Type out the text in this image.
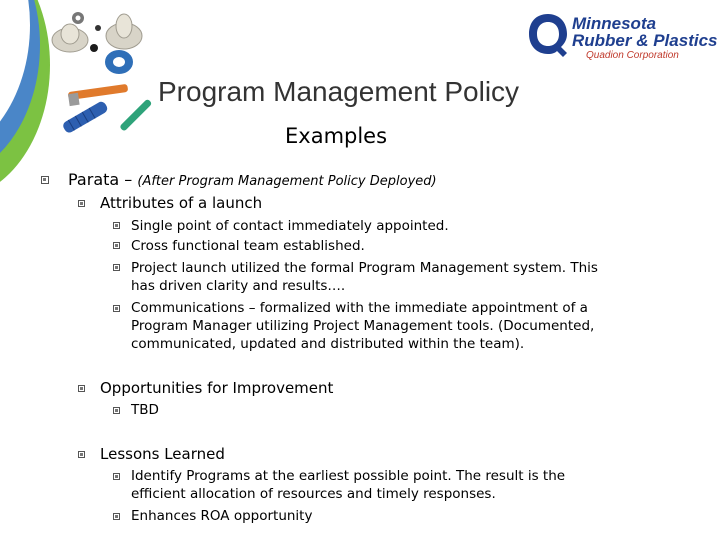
Minnesota
Rubber & Plastics
Quadion Corporation
Program Management Policy
Examples
Parata – (After Program Management Policy Deployed)
Attributes of a launch
Single point of contact immediately appointed.
Cross functional team established.
Project launch utilized the formal Program Management system. This
has driven clarity and results….
Communications – formalized with the immediate appointment of a
Program Manager utilizing Project Management tools. (Documented,
communicated, updated and distributed within the team).
Opportunities for Improvement
TBD
Lessons Learned
Identify Programs at the earliest possible point. The result is the
efficient allocation of resources and timely responses.
Enhances ROA opportunity
